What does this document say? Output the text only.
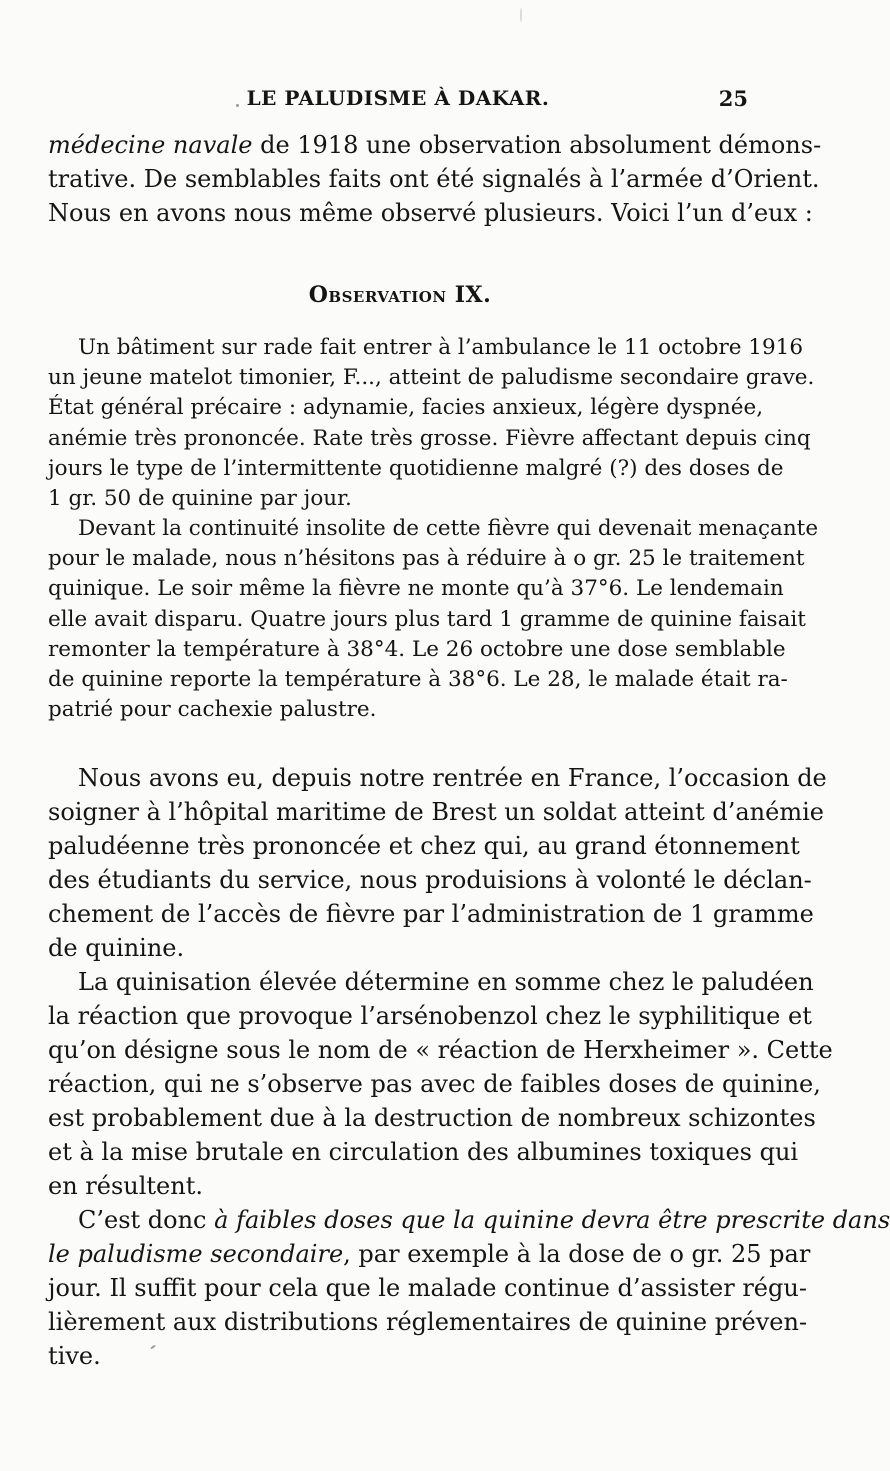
LE PALUDISME À DAKAR.	25
médecine navale de 1918 une observation absolument démons-
trative. De semblables faits ont été signalés à l’armée d’Orient.
Nous en avons nous même observé plusieurs. Voici l’un d’eux :
Observation IX.
Un bâtiment sur rade fait entrer à l’ambulance le 11 octobre 1916
un jeune matelot timonier, F..., atteint de paludisme secondaire grave.
État général précaire : adynamie, facies anxieux, légère dyspnée,
anémie très prononcée. Rate très grosse. Fièvre affectant depuis cinq
jours le type de l’intermittente quotidienne malgré (?) des doses de
1 gr. 50 de quinine par jour.
Devant la continuité insolite de cette fièvre qui devenait menaçante
pour le malade, nous n’hésitons pas à réduire à o gr. 25 le traitement
quinique. Le soir même la fièvre ne monte qu’à 37°6. Le lendemain
elle avait disparu. Quatre jours plus tard 1 gramme de quinine faisait
remonter la température à 38°4. Le 26 octobre une dose semblable
de quinine reporte la température à 38°6. Le 28, le malade était ra-
patrié pour cachexie palustre.
Nous avons eu, depuis notre rentrée en France, l’occasion de
soigner à l’hôpital maritime de Brest un soldat atteint d’anémie
paludéenne très prononcée et chez qui, au grand étonnement
des étudiants du service, nous produisions à volonté le déclan-
chement de l’accès de fièvre par l’administration de 1 gramme
de quinine.
La quinisation élevée détermine en somme chez le paludéen
la réaction que provoque l’arsénobenzol chez le syphilitique et
qu’on désigne sous le nom de « réaction de Herxheimer ». Cette
réaction, qui ne s’observe pas avec de faibles doses de quinine,
est probablement due à la destruction de nombreux schizontes
et à la mise brutale en circulation des albumines toxiques qui
en résultent.
C’est donc à faibles doses que la quinine devra être prescrite dans
le paludisme secondaire, par exemple à la dose de o gr. 25 par
jour. Il suffit pour cela que le malade continue d’assister régu-
lièrement aux distributions réglementaires de quinine préven-
tive.
